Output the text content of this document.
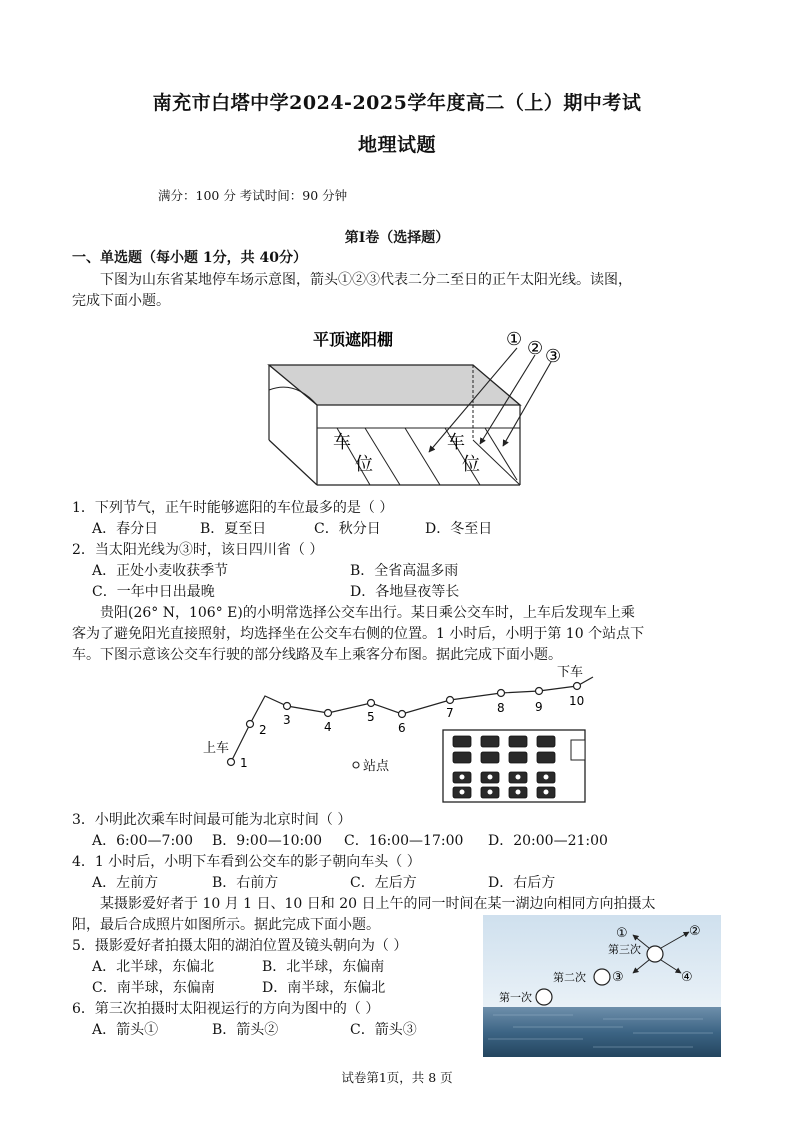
南充市白塔中学2024-2025学年度高二（上）期中考试
地理试题
满分：100 分 考试时间：90 分钟
第Ⅰ卷（选择题）
一、单选题（每小题 1分，共 40分）
下图为山东省某地停车场示意图，箭头①②③代表二分二至日的正午太阳光线。读图，
完成下面小题。
平顶遮阳棚
车
位
车
位
① ② ③
1．下列节气，正午时能够遮阳的车位最多的是（ ）
A．春分日	B．夏至日	C．秋分日	D．冬至日
2．当太阳光线为③时，该日四川省（ ）
A．正处小麦收获季节	B．全省高温多雨
C．一年中日出最晚	D．各地昼夜等长
贵阳(26° N，106° E)的小明常选择公交车出行。某日乘公交车时，上车后发现车上乘
客为了避免阳光直接照射，均选择坐在公交车右侧的位置。1 小时后，小明于第 10 个站点下
车。下图示意该公交车行驶的部分线路及车上乘客分布图。据此完成下面小题。
1
2
3	4
5
6
7	8	9 10
上车
下车
站点
3．小明此次乘车时间最可能为北京时间（ ）
A．6:00—7:00 B．9:00—10:00 C．16:00—17:00 D．20:00—21:00
4．1 小时后，小明下车看到公交车的影子朝向车头（ ）
A．左前方	B．右前方	C．左后方	D．右后方
某摄影爱好者于 10 月 1 日、10 日和 20 日上午的同一时间在某一湖边向相同方向拍摄太
阳，最后合成照片如图所示。据此完成下面小题。
第一次
第二次
第三次
①	②
③	④
5．摄影爱好者拍摄太阳的湖泊位置及镜头朝向为（ ）
A．北半球，东偏北	B．北半球，东偏南
C．南半球，东偏南	D．南半球，东偏北
6．第三次拍摄时太阳视运行的方向为图中的（ ）
A．箭头①	B．箭头②	C．箭头③
试卷第1页，共 8 页
